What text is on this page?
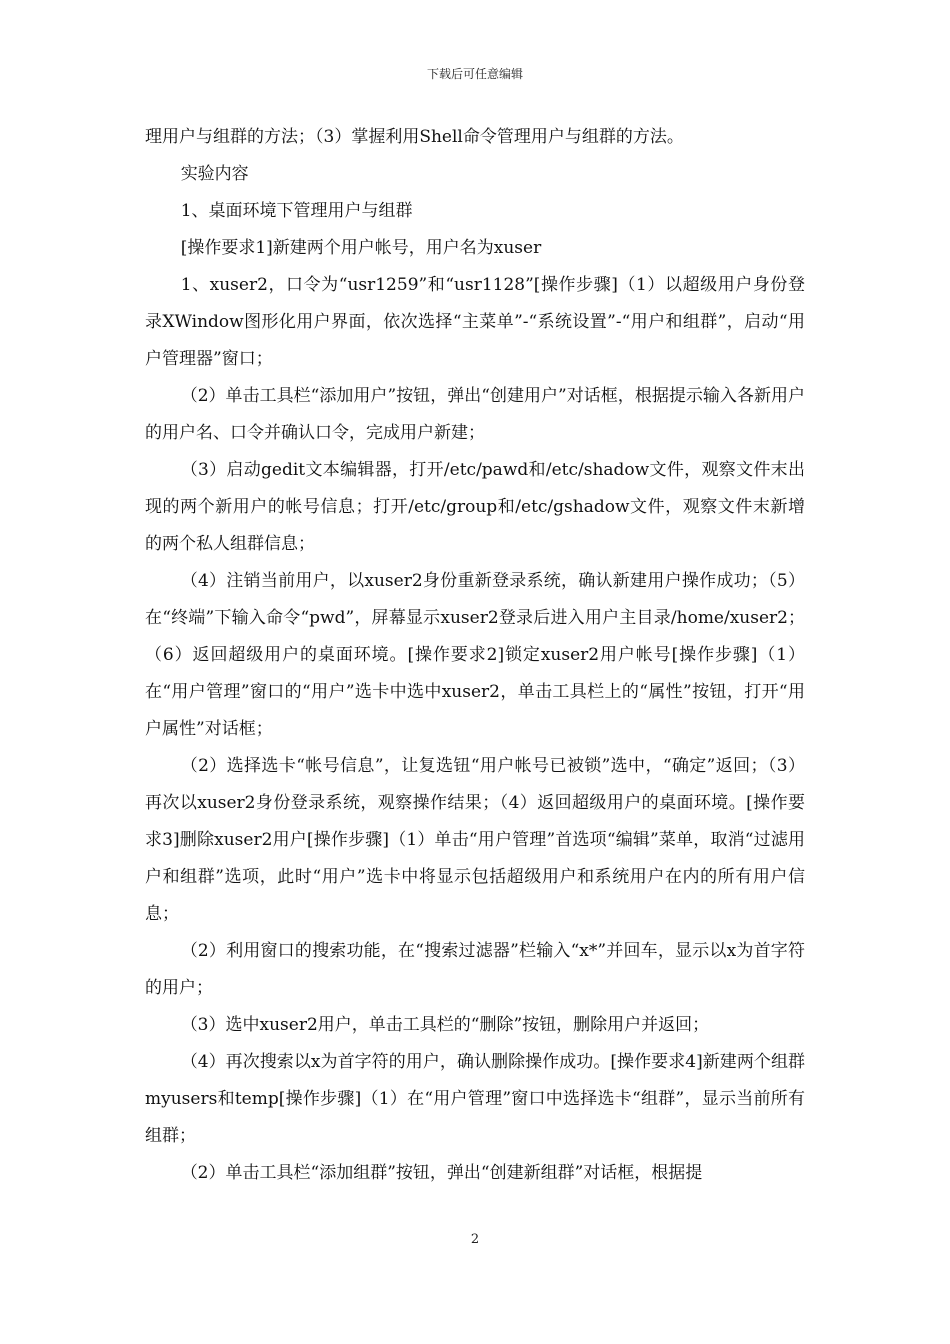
下载后可任意编辑

理用户与组群的方法；（3）掌握利用Shell命令管理用户与组群的方法。

实验内容

1、桌面环境下管理用户与组群

[操作要求1]新建两个用户帐号，用户名为xuser

1、xuser2，口令为“usr1259”和“usr1128”[操作步骤]（1）以超级用户身份登录XWindow图形化用户界面，依次选择“主菜单”-“系统设置”-“用户和组群”，启动“用户管理器”窗口；

（2）单击工具栏“添加用户”按钮，弹出“创建用户”对话框，根据提示输入各新用户的用户名、口令并确认口令，完成用户新建；

（3）启动gedit文本编辑器，打开/etc/pawd和/etc/shadow文件，观察文件末出现的两个新用户的帐号信息；打开/etc/group和/etc/gshadow文件，观察文件末新增的两个私人组群信息；

（4）注销当前用户，以xuser2身份重新登录系统，确认新建用户操作成功；（5）在“终端”下输入命令“pwd”，屏幕显示xuser2登录后进入用户主目录/home/xuser2；（6）返回超级用户的桌面环境。[操作要求2]锁定xuser2用户帐号[操作步骤]（1）在“用户管理”窗口的“用户”选卡中选中xuser2，单击工具栏上的“属性”按钮，打开“用户属性”对话框；

（2）选择选卡“帐号信息”，让复选钮“用户帐号已被锁”选中，“确定”返回；（3）再次以xuser2身份登录系统，观察操作结果；（4）返回超级用户的桌面环境。[操作要求3]删除xuser2用户[操作步骤]（1）单击“用户管理”首选项“编辑”菜单，取消“过滤用户和组群”选项，此时“用户”选卡中将显示包括超级用户和系统用户在内的所有用户信息；

（2）利用窗口的搜索功能，在“搜索过滤器”栏输入“x*”并回车，显示以x为首字符的用户；

（3）选中xuser2用户，单击工具栏的“删除”按钮，删除用户并返回；

（4）再次搜索以x为首字符的用户，确认删除操作成功。[操作要求4]新建两个组群myusers和temp[操作步骤]（1）在“用户管理”窗口中选择选卡“组群”，显示当前所有组群；

（2）单击工具栏“添加组群”按钮，弹出“创建新组群”对话框，根据提

2
